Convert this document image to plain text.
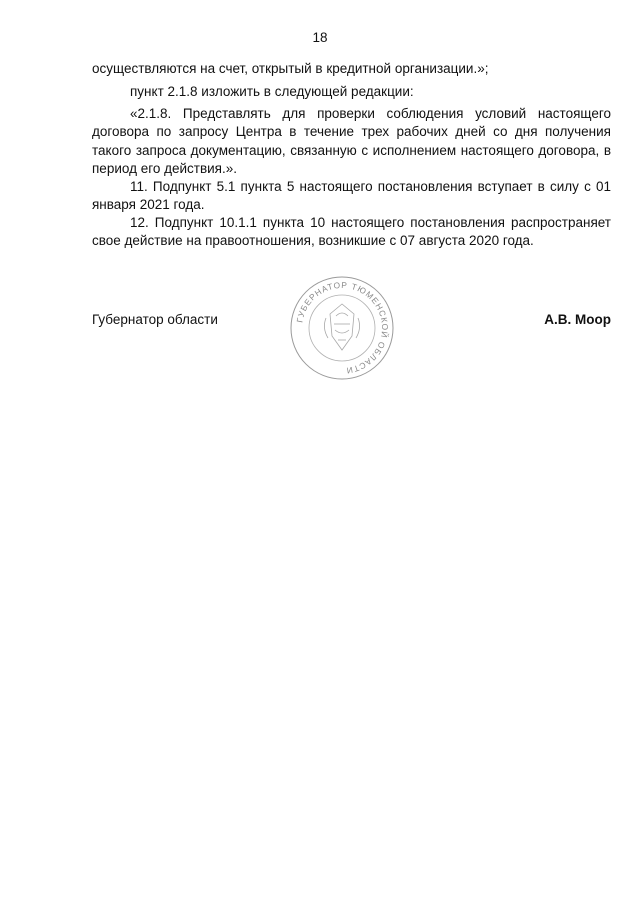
18

осуществляются на счет, открытый в кредитной организации.»;

пункт 2.1.8 изложить в следующей редакции:

«2.1.8. Представлять для проверки соблюдения условий настоящего договора по запросу Центра в течение трех рабочих дней со дня получения такого запроса документацию, связанную с исполнением настоящего договора, в период его действия.».

11. Подпункт 5.1 пункта 5 настоящего постановления вступает в силу с 01 января 2021 года.

12. Подпункт 10.1.1 пункта 10 настоящего постановления распространяет свое действие на правоотношения, возникшие с 07 августа 2020 года.

Губернатор области	А.В. Моор
ГУБЕРНАТОР ТЮМЕНСКОЙ ОБЛАСТИ
